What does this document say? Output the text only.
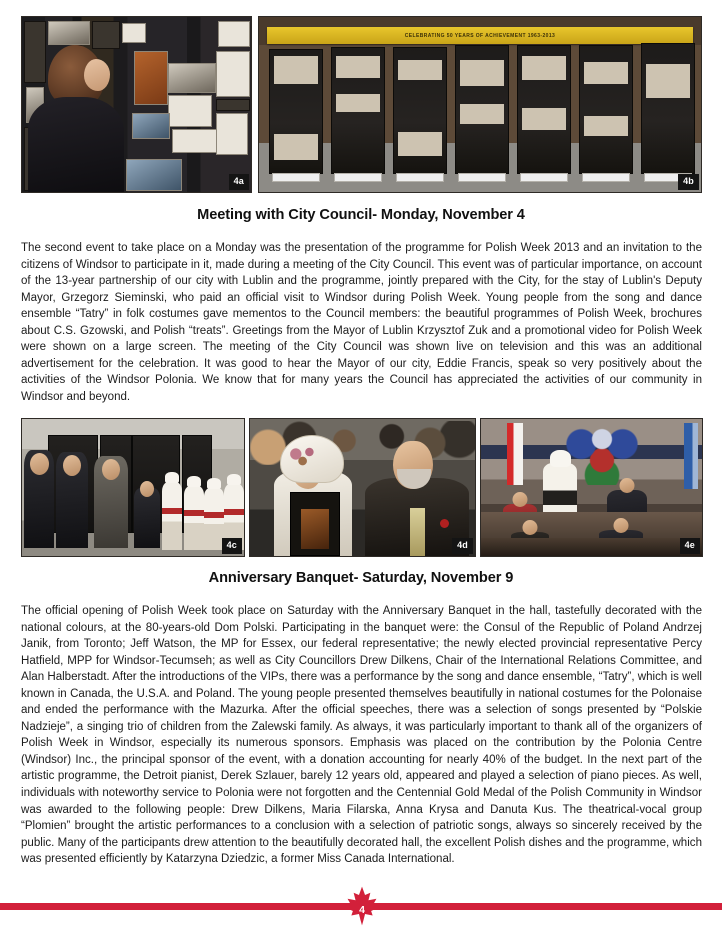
4a
CELEBRATING 50 YEARS OF ACHIEVEMENT 1963-2013
4b
Meeting with City Council- Monday, November 4
The second event to take place on a Monday was the presentation of the programme for Polish Week 2013 and an invitation to the citizens of Windsor to participate in it, made during a meeting of the City Council. This event was of particular importance, on account of the 13-year partnership of our city with Lublin and the programme, jointly prepared with the City, for the stay of Lublin's Deputy Mayor, Grzegorz Sieminski, who paid an official visit to Windsor during Polish Week. Young people from the song and dance ensemble “Tatry” in folk costumes gave mementos to the Council members: the beautiful programmes of Polish Week, brochures about C.S. Gzowski, and Polish “treats”. Greetings from the Mayor of Lublin Krzysztof Zuk and a promotional video for Polish Week were shown on a large screen. The meeting of the City Council was shown live on television and this was an additional advertisement for the celebration. It was good to hear the Mayor of our city, Eddie Francis, speak so very positively about the activities of the Windsor Polonia. We know that for many years the Council has appreciated the activities of our community in Windsor and beyond.
4c	4d	4e
Anniversary Banquet- Saturday, November 9
The official opening of Polish Week took place on Saturday with the Anniversary Banquet in the hall, tastefully decorated with the national colours, at the 80-years-old Dom Polski. Participating in the banquet were: the Consul of the Republic of Poland Andrzej Janik, from Toronto; Jeff Watson, the MP for Essex, our federal representative; the newly elected provincial representative Percy Hatfield, MPP for Windsor-Tecumseh; as well as City Councillors Drew Dilkens, Chair of the International Relations Committee, and Alan Halberstadt. After the introductions of the VIPs, there was a performance by the song and dance ensemble, “Tatry”, which is well known in Canada, the U.S.A. and Poland. The young people presented themselves beautifully in national costumes for the Polonaise and ended the performance with the Mazurka. After the official speeches, there was a selection of songs presented by “Polskie Nadzieje”, a singing trio of children from the Zalewski family. As always, it was particularly important to thank all of the organizers of Polish Week in Windsor, especially its numerous sponsors. Emphasis was placed on the contribution by the Polonia Centre (Windsor) Inc., the principal sponsor of the event, with a donation accounting for nearly 40% of the budget. In the next part of the artistic programme, the Detroit pianist, Derek Szlauer, barely 12 years old, appeared and played a selection of piano pieces. As well, individuals with noteworthy service to Polonia were not forgotten and the Centennial Gold Medal of the Polish Community in Windsor was awarded to the following people: Drew Dilkens, Maria Filarska, Anna Krysa and Danuta Kus. The theatrical-vocal group “Plomien” brought the artistic performances to a conclusion with a selection of patriotic songs, always so sincerely received by the public. Many of the participants drew attention to the beautifully decorated hall, the excellent Polish dishes and the programme, which was presented efficiently by Katarzyna Dziedzic, a former Miss Canada International.
4
